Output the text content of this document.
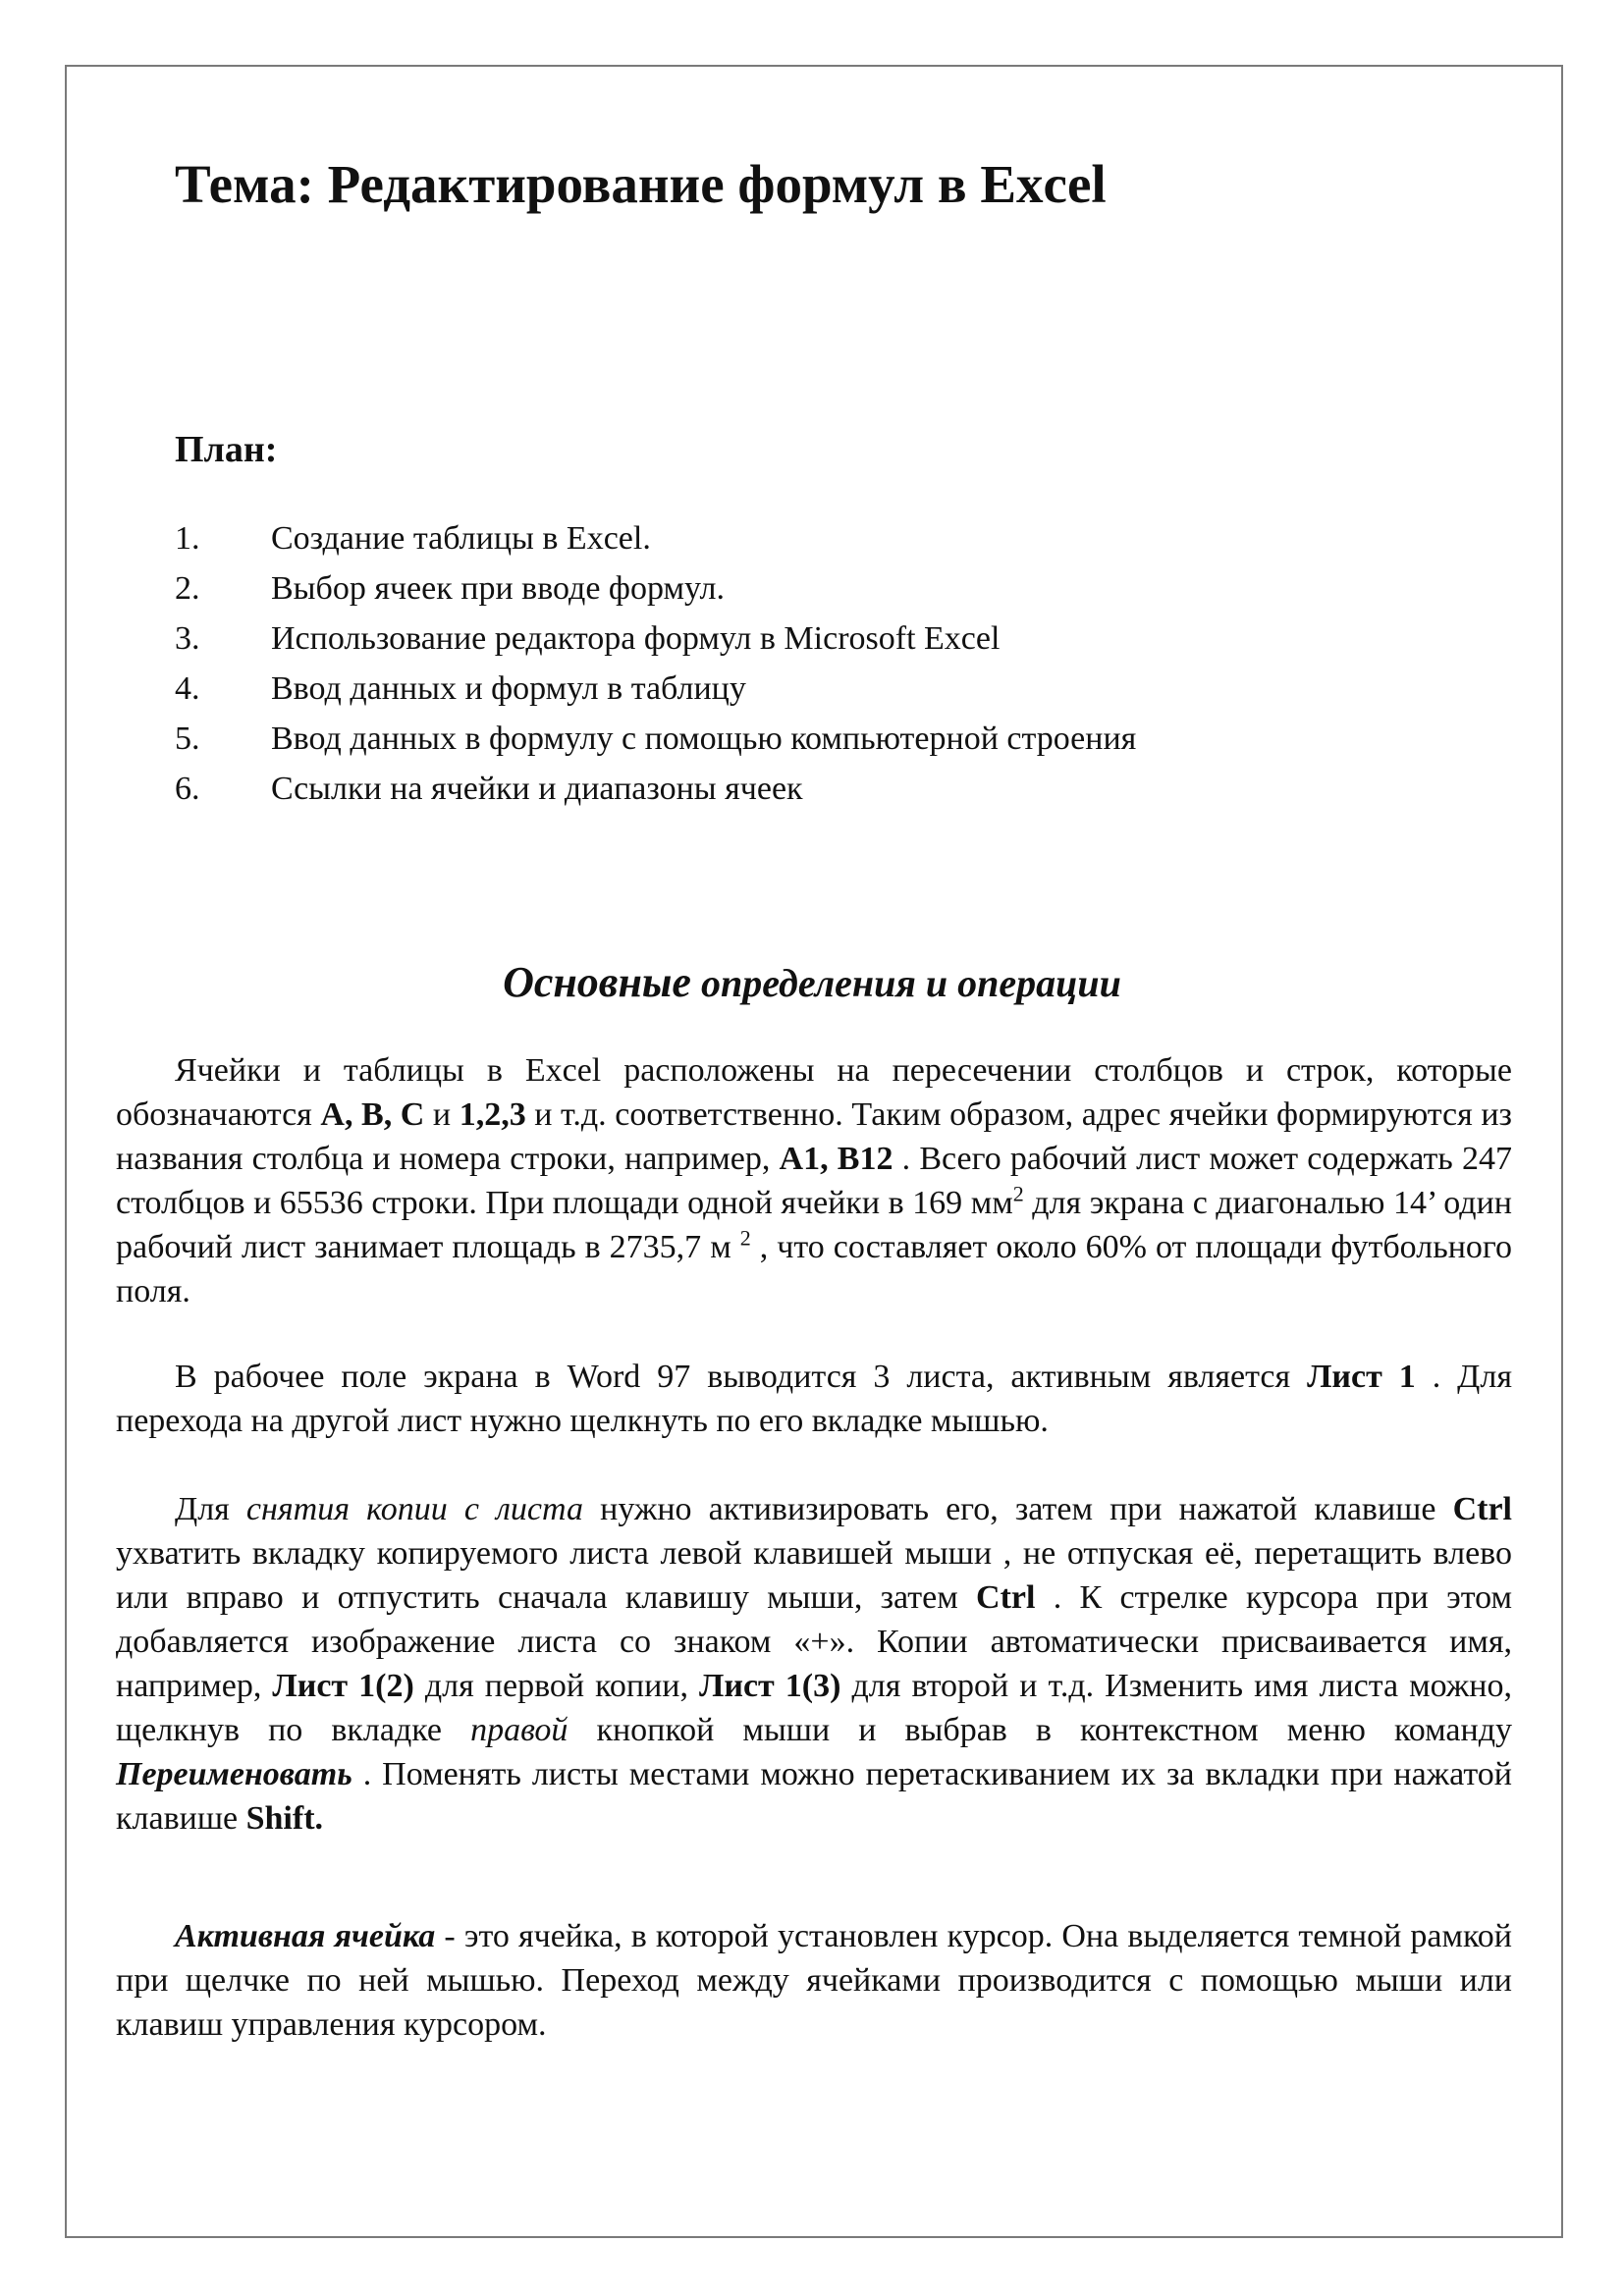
Тема: Редактирование формул в Excel
План:
1.	Создание таблицы в Excel.
2.	Выбор ячеек при вводе формул.
3.	Использование редактора формул в Microsoft Excel
4.	Ввод данных и формул в таблицу
5.	Ввод данных в формулу с помощью компьютерной строения
6.	Ссылки на ячейки и диапазоны ячеек
Основные определения и операции

Ячейки и таблицы в Excel расположены на пересечении столбцов и строк, которые обозначаются A, B, C и 1,2,3 и т.д. соответственно. Таким образом, адрес ячейки формируются из названия столбца и номера строки, например, A1, B12 . Всего рабочий лист может содержать 247 столбцов и 65536 строки. При площади одной ячейки в 169 $мм^2$ для экрана с диагональю 14’ один рабочий лист занимает площадь в 2735,7 м $^2$ , что составляет около 60% от площади футбольного поля.

В рабочее поле экрана в Word 97 выводится 3 листа, активным является Лист 1 . Для перехода на другой лист нужно щелкнуть по его вкладке мышью.

Для снятия копии с листа нужно активизировать его, затем при нажатой клавише Ctrl ухватить вкладку копируемого листа левой клавишей мыши , не отпуская её, перетащить влево или вправо и отпустить сначала клавишу мыши, затем Ctrl . К стрелке курсора при этом добавляется изображение листа со знаком «+». Копии автоматически присваивается имя, например, Лист 1(2) для первой копии, Лист 1(3) для второй и т.д. Изменить имя листа можно, щелкнув по вкладке правой кнопкой мыши и выбрав в контекстном меню команду Переименовать . Поменять листы местами можно перетаскиванием их за вкладки при нажатой клавише Shift.

Активная ячейка - это ячейка, в которой установлен курсор. Она выделяется темной рамкой при щелчке по ней мышью. Переход между ячейками производится с помощью мыши или клавиш управления курсором.
